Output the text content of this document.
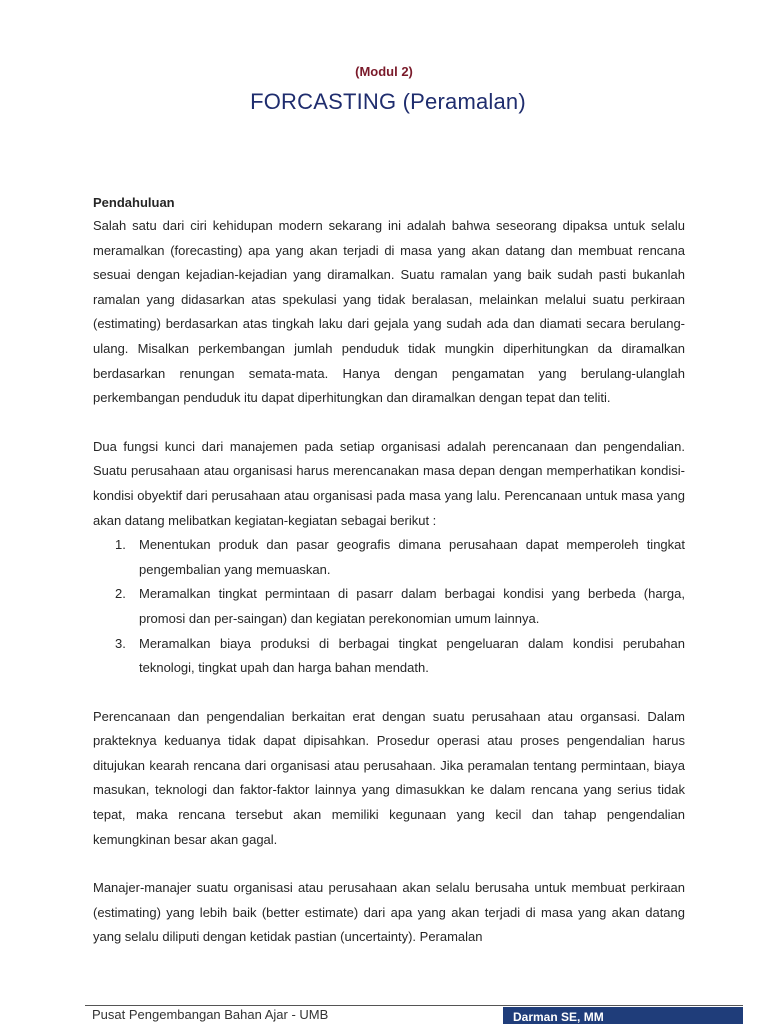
(Modul 2)
FORCASTING (Peramalan)
Pendahuluan

Salah satu dari ciri kehidupan modern sekarang ini adalah bahwa seseorang dipaksa untuk selalu meramalkan (forecasting) apa yang akan terjadi di masa yang akan datang dan membuat rencana sesuai dengan kejadian-kejadian yang diramalkan. Suatu ramalan yang baik sudah pasti bukanlah ramalan yang didasarkan atas spekulasi yang tidak beralasan, melainkan melalui suatu perkiraan (estimating) berdasarkan atas tingkah laku dari gejala yang sudah ada dan diamati secara berulang-ulang. Misalkan perkembangan jumlah penduduk tidak mungkin diperhitungkan da diramalkan berdasarkan renungan semata-mata. Hanya dengan pengamatan yang berulang-ulanglah perkembangan penduduk itu dapat diperhitungkan dan diramalkan dengan tepat dan teliti.

Dua fungsi kunci dari manajemen pada setiap organisasi adalah perencanaan dan pengendalian. Suatu perusahaan atau organisasi harus merencanakan masa depan dengan memperhatikan kondisi-kondisi obyektif dari perusahaan atau organisasi pada masa yang lalu. Perencanaan untuk masa yang akan datang melibatkan kegiatan-kegiatan sebagai berikut :

1. Menentukan produk dan pasar geografis dimana perusahaan dapat memperoleh tingkat pengembalian yang memuaskan.
2. Meramalkan tingkat permintaan di pasarr dalam berbagai kondisi yang berbeda (harga, promosi dan per-saingan) dan kegiatan perekonomian umum lainnya.
3. Meramalkan biaya produksi di berbagai tingkat pengeluaran dalam kondisi perubahan teknologi, tingkat upah dan harga bahan mendath.

Perencanaan dan pengendalian berkaitan erat dengan suatu perusahaan atau organsasi. Dalam prakteknya keduanya tidak dapat dipisahkan. Prosedur operasi atau proses pengendalian harus ditujukan kearah rencana dari organisasi atau perusahaan. Jika peramalan tentang permintaan, biaya masukan, teknologi dan faktor-faktor lainnya yang dimasukkan ke dalam rencana yang serius tidak tepat, maka rencana tersebut akan memiliki kegunaan yang kecil dan tahap pengendalian kemungkinan besar akan gagal.

Manajer-manajer suatu organisasi atau perusahaan akan selalu berusaha untuk membuat perkiraan (estimating) yang lebih baik (better estimate) dari apa yang akan terjadi di masa yang akan datang yang selalu diliputi dengan ketidak pastian (uncertainty). Peramalan

Pusat Pengembangan Bahan Ajar - UMB	Darman SE, MM
